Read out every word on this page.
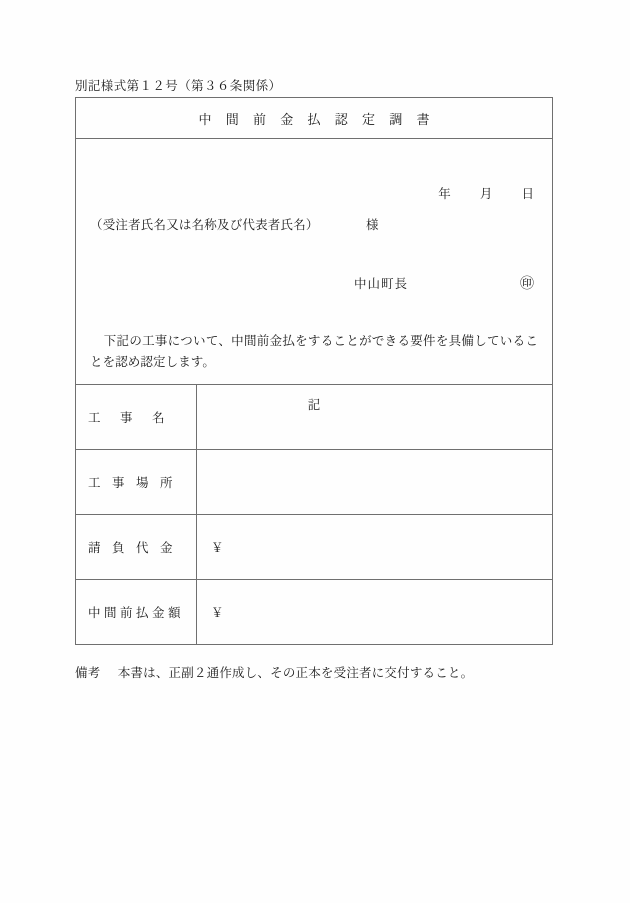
別記様式第１２号（第３６条関係）
中 間 前 金 払 認 定 調 書
年 月 日
（受注者氏名又は名称及び代表者氏名）	様
中山町長	㊞
下記の工事について、中間前金払をすることができる要件を具備していることを認め認定します。
記
工 事 名
工 事 場 所
請 負 代 金	￥
中 間 前 払 金 額 ￥
備考 本書は、正副２通作成し、その正本を受注者に交付すること。
